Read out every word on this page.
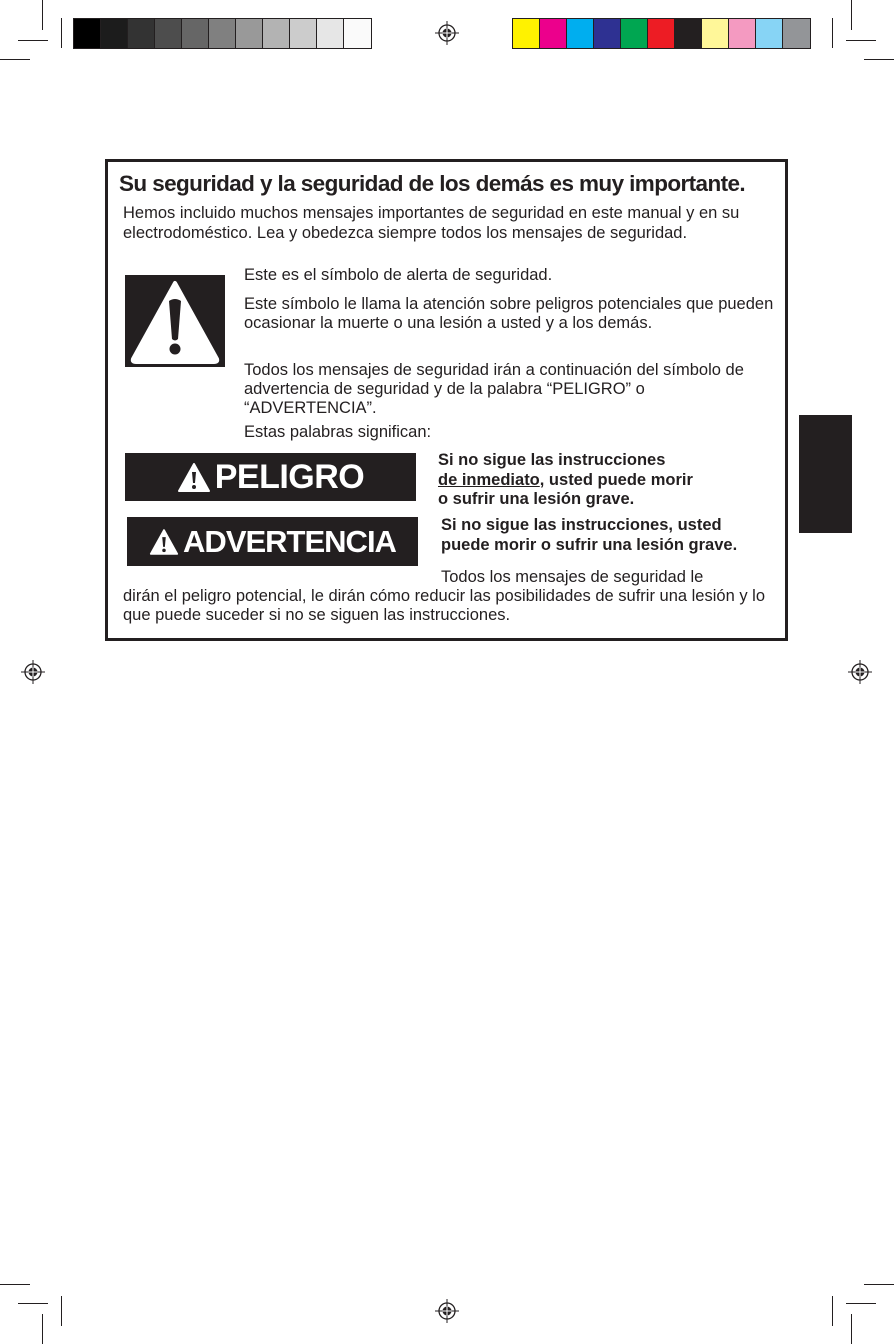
Su seguridad y la seguridad de los demás es muy importante.

Hemos incluido muchos mensajes importantes de seguridad en este manual y en su electrodoméstico. Lea y obedezca siempre todos los mensajes de seguridad.

Este es el símbolo de alerta de seguridad.

Este símbolo le llama la atención sobre peligros potenciales que pueden ocasionar la muerte o una lesión a usted y a los demás.

Todos los mensajes de seguridad irán a continuación del símbolo de advertencia de seguridad y de la palabra “PELIGRO” o “ADVERTENCIA”.

Estas palabras significan:

PELIGRO	Si no sigue las instrucciones
de inmediato, usted puede morir
o sufrir una lesión grave.

ADVERTENCIA	Si no sigue las instrucciones, usted
puede morir o sufrir una lesión grave.

Todos los mensajes de seguridad le

dirán el peligro potencial, le dirán cómo reducir las posibilidades de sufrir una lesión y lo que puede suceder si no se siguen las instrucciones.
